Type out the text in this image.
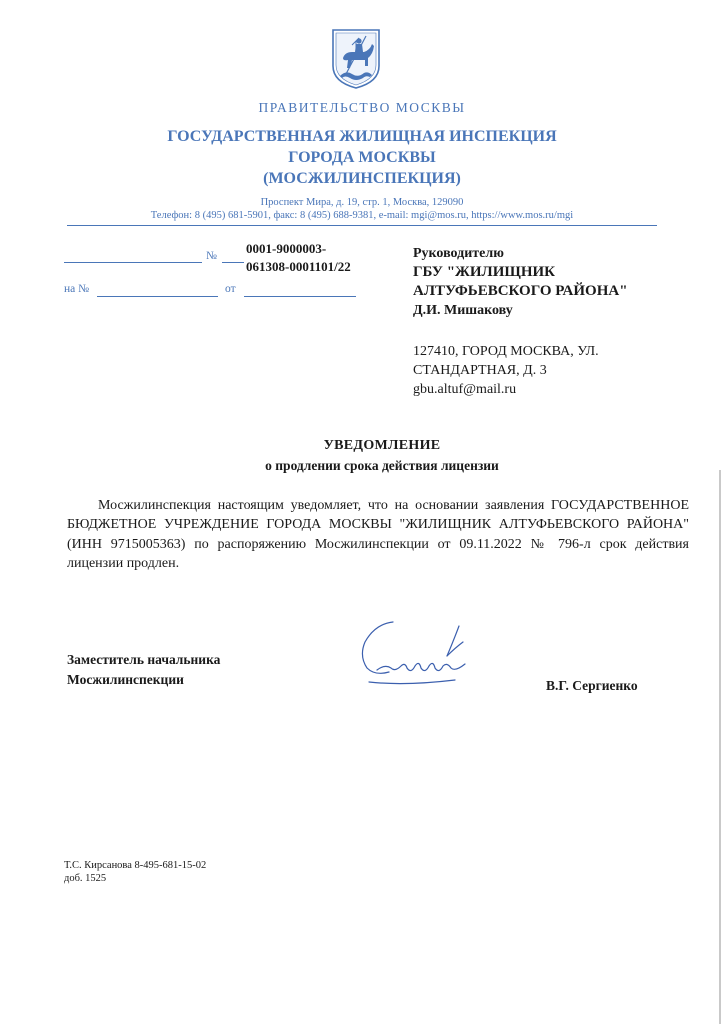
ПРАВИТЕЛЬСТВО МОСКВЫ
ГОСУДАРСТВЕННАЯ ЖИЛИЩНАЯ ИНСПЕКЦИЯ
ГОРОДА МОСКВЫ
(МОСЖИЛИНСПЕКЦИЯ)
Проспект Мира, д. 19, стр. 1, Москва, 129090
Телефон: 8 (495) 681-5901, факс: 8 (495) 688-9381, e-mail: mgi@mos.ru, https://www.mos.ru/mgi
№ 0001-9000003-
061308-0001101/22
на №	от
Руководителю
ГБУ "ЖИЛИЩНИК
АЛТУФЬЕВСКОГО РАЙОНА"
Д.И. Мишакову
127410, ГОРОД МОСКВА, УЛ.
СТАНДАРТНАЯ, Д. 3
gbu.altuf@mail.ru
УВЕДОМЛЕНИЕ
о продлении срока действия лицензии
Мосжилинспекция настоящим уведомляет, что на основании заявления ГОСУДАРСТВЕННОЕ БЮДЖЕТНОЕ УЧРЕЖДЕНИЕ ГОРОДА МОСКВЫ "ЖИЛИЩНИК АЛТУФЬЕВСКОГО РАЙОНА" (ИНН 9715005363) по распоряжению Мосжилинспекции от 09.11.2022 № 796-л срок действия лицензии продлен.
Заместитель начальника
Мосжилинспекции	В.Г. Сергиенко
Т.С. Кирсанова 8-495-681-15-02
доб. 1525
